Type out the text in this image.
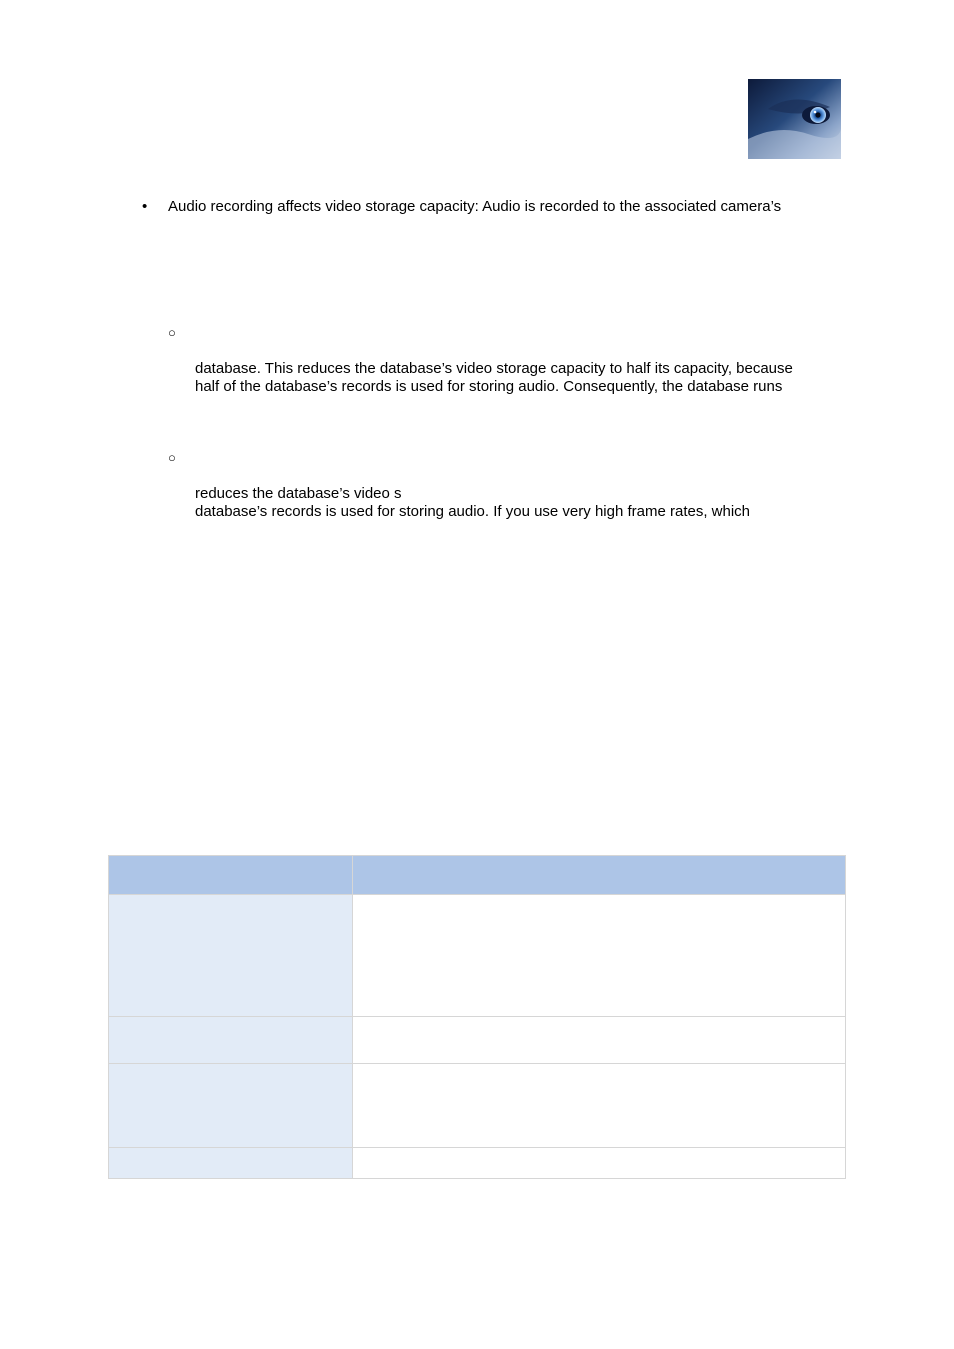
• Audio recording affects video storage capacity: Audio is recorded to the associated camera’s
○
database. This reduces the database’s video storage capacity to half its capacity, because
half of the database’s records is used for storing audio. Consequently, the database runs
○
reduces the database’s video s
database’s records is used for storing audio. If you use very high frame rates, which
